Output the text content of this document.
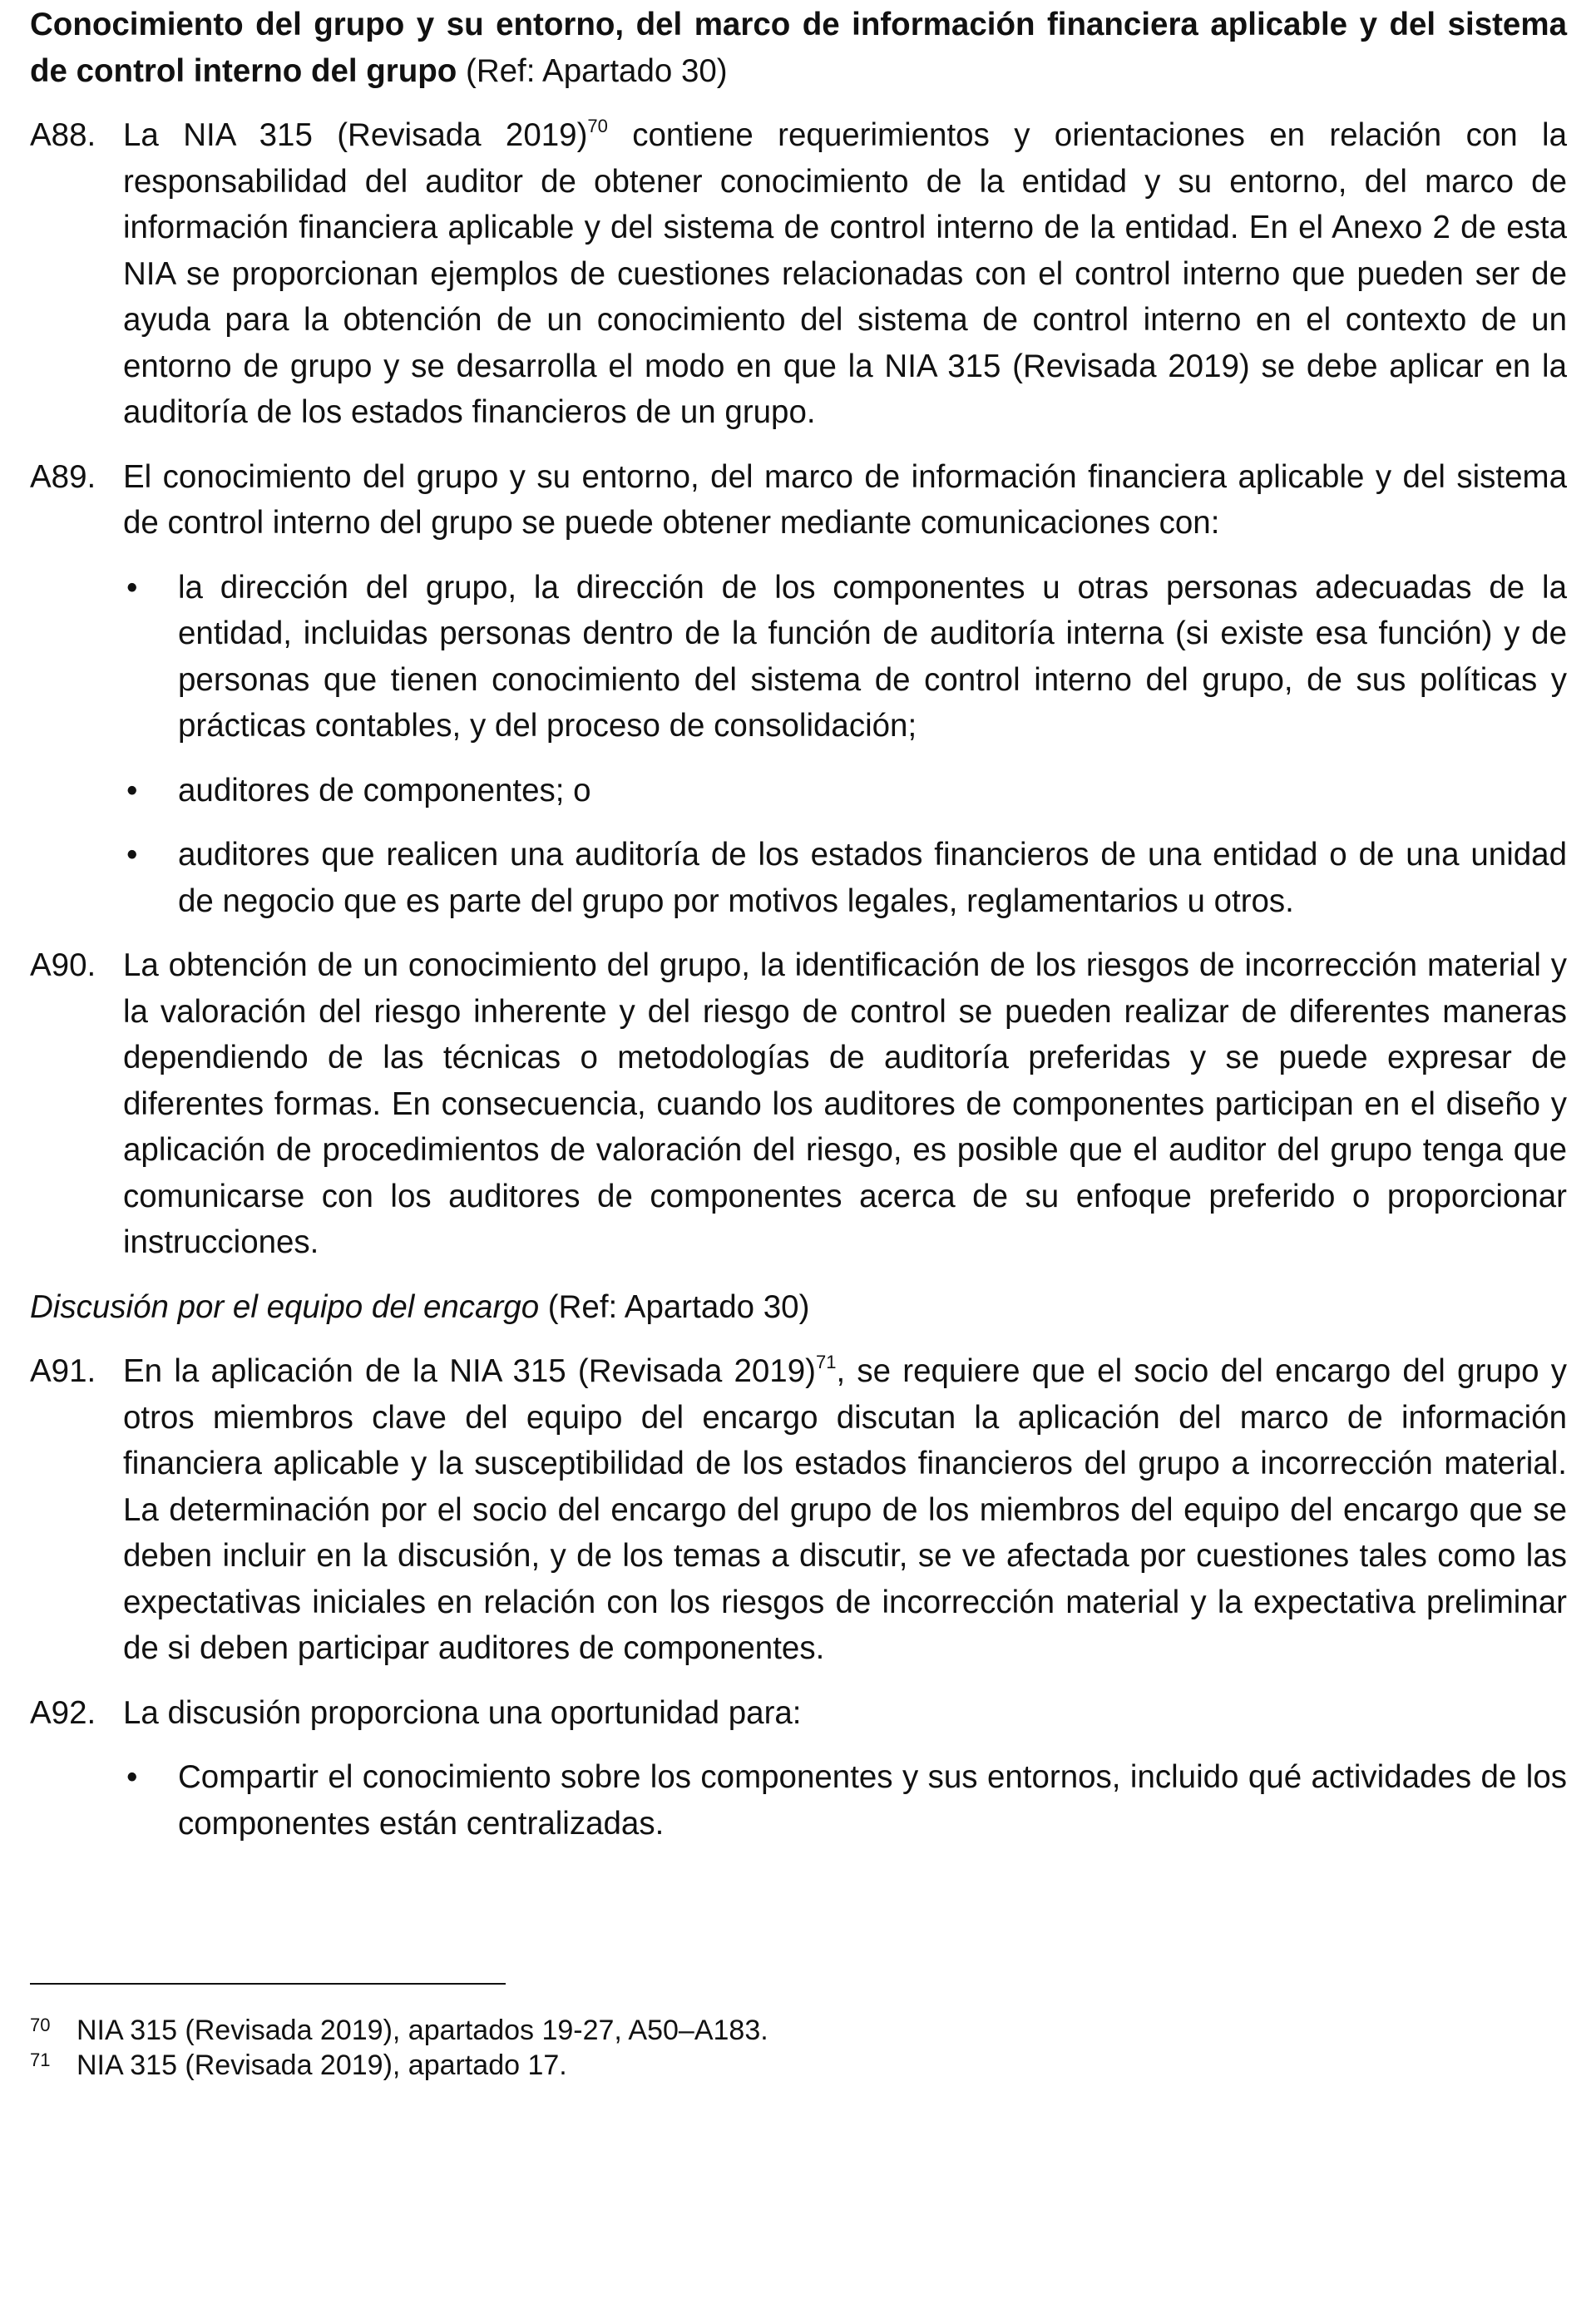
Conocimiento del grupo y su entorno, del marco de información financiera aplicable y del sistema de control interno del grupo (Ref: Apartado 30)
A88. La NIA 315 (Revisada 2019)$^{70}$ contiene requerimientos y orientaciones en relación con la responsabilidad del auditor de obtener conocimiento de la entidad y su entorno, del marco de información financiera aplicable y del sistema de control interno de la entidad. En el Anexo 2 de esta NIA se proporcionan ejemplos de cuestiones relacionadas con el control interno que pueden ser de ayuda para la obtención de un conocimiento del sistema de control interno en el contexto de un entorno de grupo y se desarrolla el modo en que la NIA 315 (Revisada 2019) se debe aplicar en la auditoría de los estados financieros de un grupo.
A89. El conocimiento del grupo y su entorno, del marco de información financiera aplicable y del sistema de control interno del grupo se puede obtener mediante comunicaciones con:
•	la dirección del grupo, la dirección de los componentes u otras personas adecuadas de la entidad, incluidas personas dentro de la función de auditoría interna (si existe esa función) y de personas que tienen conocimiento del sistema de control interno del grupo, de sus políticas y prácticas contables, y del proceso de consolidación;
•	auditores de componentes; o
•	auditores que realicen una auditoría de los estados financieros de una entidad o de una unidad de negocio que es parte del grupo por motivos legales, reglamentarios u otros.
A90. La obtención de un conocimiento del grupo, la identificación de los riesgos de incorrección material y la valoración del riesgo inherente y del riesgo de control se pueden realizar de diferentes maneras dependiendo de las técnicas o metodologías de auditoría preferidas y se puede expresar de diferentes formas. En consecuencia, cuando los auditores de componentes participan en el diseño y aplicación de procedimientos de valoración del riesgo, es posible que el auditor del grupo tenga que comunicarse con los auditores de componentes acerca de su enfoque preferido o proporcionar instrucciones.
Discusión por el equipo del encargo (Ref: Apartado 30)
A91. En la aplicación de la NIA 315 (Revisada 2019)$^{71}$, se requiere que el socio del encargo del grupo y otros miembros clave del equipo del encargo discutan la aplicación del marco de información financiera aplicable y la susceptibilidad de los estados financieros del grupo a incorrección material. La determinación por el socio del encargo del grupo de los miembros del equipo del encargo que se deben incluir en la discusión, y de los temas a discutir, se ve afectada por cuestiones tales como las expectativas iniciales en relación con los riesgos de incorrección material y la expectativa preliminar de si deben participar auditores de componentes.
A92. La discusión proporciona una oportunidad para:
•	Compartir el conocimiento sobre los componentes y sus entornos, incluido qué actividades de los componentes están centralizadas.
70 NIA 315 (Revisada 2019), apartados 19-27, A50–A183.
71 NIA 315 (Revisada 2019), apartado 17.
